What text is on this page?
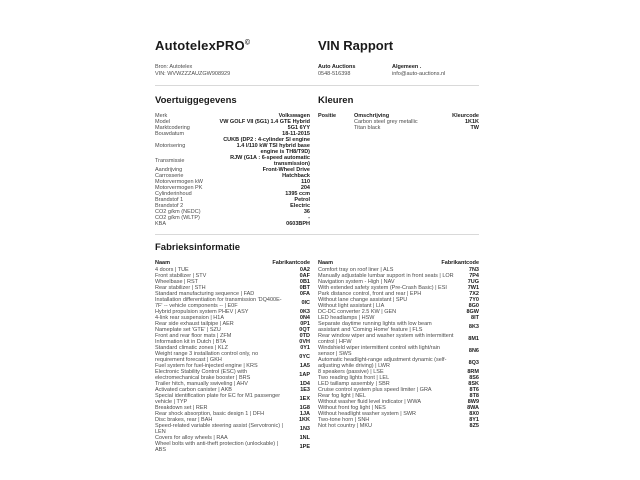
AutotelexPRO©	VIN Rapport
Bron: Autotelex
VIN: WVWZZZAUZGW908929
Auto Auctions
0548-516398
Algemeen .
info@auto-auctions.nl
Voertuiggegevens
Merk	Volkswagen
Model	VW GOLF VII (5G1) 1.4 GTE Hybrid
Marktcodering	5G1 6YY
Bouwdatum	18-11-2015
Motorisering
CUKB (DP2 : 4-cylinder SI engine 1.4 l/110 kW TSI hybrid base engine is TH8/T9D)
Transmissie	RJW (G1A : 6-speed automatic transmission)
Aandrijving	Front-Wheel Drive
Carrosserie	Hatchback
Motorvermogen kW	110
Motorvermogen PK	204
Cylinderinhoud	1395 ccm
Brandstof 1	Petrol
Brandstof 2	Electric
CO2 g/km (NEDC)	36
CO2 g/km (WLTP)	-
KBA	0603BPH
Kleuren
Positie	Omschrijving	Kleurcode
Carbon steel grey metallic	1K1K
Titan black	TW
Fabrieksinformatie
Naam	Fabrikantcode
4 doors | TUE	0A2
Front stabilizer | STV	0AF
Wheelbase | RST	0B1
Rear stabilizer | STH	0BT
Standard manufacturing sequence | FAD	0FA
Installation differentiation for transmission 'DQ400E-7F' -- vehicle components -- | E0F	0IC
Hybrid propulsion system PHEV | ASY	0K3
4-link rear suspension | H1A	0N4
Rear side exhaust tailpipe | AER	0P1
Nameplate set 'GTE' | SZU	0QT
Front and rear floor mats | ZFM	0TD
Information kit in Dutch | BTA	0VH
Standard climatic zones | KLZ	0Y1
Weight range 3 installation control only, no requirement forecast | GKH	0YC
Fuel system for fuel-injected engine | KRS	1A5
Electronic Stability Control (ESC) with electromechanical brake booster | BRS	1AP
Trailer hitch, manually swiveling | AHV	1D4
Activated carbon canister | AKB	1E3
Special identification plate for EC for M1 passenger vehicle | TYP	1EX
Breakdown set | RER	1G8
Rear shock absorption, basic design 1 | DFH	1JA
Disc brakes, rear | BAH	1KK
Speed-related variable steering assist (Servotronic) | LEN	1N3
Covers for alloy wheels | RAA	1NL
Wheel bolts with anti-theft protection (unlockable) | ABS	1PE
Naam	Fabrikantcode
Comfort tray on roof liner | ALS	7N3
Manually adjustable lumbar support in front seats | LOR	7P4
Navigation system - High | NAV	7UG
With extended safety system (Pre-Crash Basic) | ESI	7W1
Park distance control, front and rear | EPH	7X2
Without lane change assistant | SPU	7Y0
Without light assistant | LIA	8G0
DC-DC converter 2.5 KW | GEN	8GW
LED headlamps | HSW	8IT
Separate daytime running lights with low beam assistant and 'Coming Home' feature | FLS	8K3
Rear window wiper and washer system with intermittent control | HFW	8M1
Windshield wiper intermittent control with light/rain sensor | SWS	8N6
Automatic headlight-range adjustment dynamic (self-adjusting while driving) | LWR	8Q3
8 speakers (passive) | LSE	8RM
Two reading lights front | LEL	8S6
LED taillamp assembly | SBR	8SK
Cruise control system plus speed limiter | GRA	8T6
Rear fog light | NEL	8T8
Without washer fluid level indicator | WWA	8W9
Without front fog light | NES	8WA
Without headlight washer system | SWR	8X0
Two-tone horn | SNH	8Y1
Not hot country | MKU	8Z5
